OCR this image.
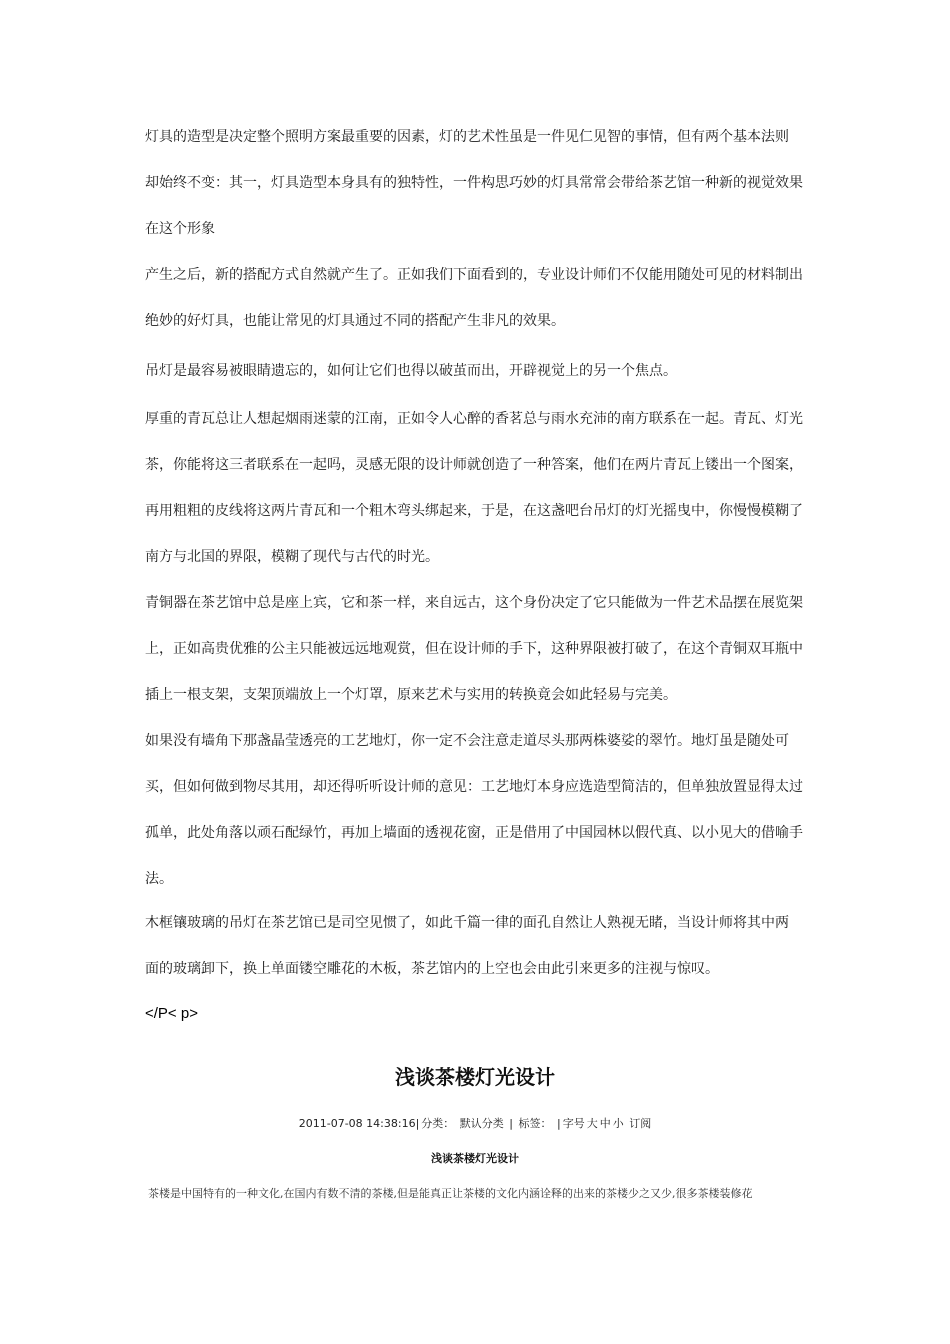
灯具的造型是决定整个照明方案最重要的因素，灯的艺术性虽是一件见仁见智的事情，但有两个基本法则
却始终不变：其一，灯具造型本身具有的独特性，一件构思巧妙的灯具常常会带给茶艺馆一种新的视觉效果
在这个形象
产生之后，新的搭配方式自然就产生了。正如我们下面看到的，专业设计师们不仅能用随处可见的材料制出
绝妙的好灯具，也能让常见的灯具通过不同的搭配产生非凡的效果。
吊灯是最容易被眼睛遗忘的，如何让它们也得以破茧而出，开辟视觉上的另一个焦点。
厚重的青瓦总让人想起烟雨迷蒙的江南，正如令人心醉的香茗总与雨水充沛的南方联系在一起。青瓦、灯光
茶，你能将这三者联系在一起吗，灵感无限的设计师就创造了一种答案，他们在两片青瓦上镂出一个图案，
再用粗粗的皮线将这两片青瓦和一个粗木弯头绑起来，于是，在这盏吧台吊灯的灯光摇曳中，你慢慢模糊了
南方与北国的界限，模糊了现代与古代的时光。
青铜器在茶艺馆中总是座上宾，它和茶一样，来自远古，这个身份决定了它只能做为一件艺术品摆在展览架
上，正如高贵优雅的公主只能被远远地观赏，但在设计师的手下，这种界限被打破了，在这个青铜双耳瓶中
插上一根支架，支架顶端放上一个灯罩，原来艺术与实用的转换竟会如此轻易与完美。
如果没有墙角下那盏晶莹透亮的工艺地灯，你一定不会注意走道尽头那两株婆娑的翠竹。地灯虽是随处可
买，但如何做到物尽其用，却还得听听设计师的意见：工艺地灯本身应选造型简洁的，但单独放置显得太过
孤单，此处角落以顽石配绿竹，再加上墙面的透视花窗，正是借用了中国园林以假代真、以小见大的借喻手
法。
木框镶玻璃的吊灯在茶艺馆已是司空见惯了，如此千篇一律的面孔自然让人熟视无睹，当设计师将其中两
面的玻璃卸下，换上单面镂空雕花的木板，茶艺馆内的上空也会由此引来更多的注视与惊叹。
</P< p>
浅谈茶楼灯光设计
2011-07-08 14:38:16| 分类： 默认分类 | 标签： | 字号 大 中 小 订阅
浅谈茶楼灯光设计
茶楼是中国特有的一种文化,在国内有数不清的茶楼,但是能真正让茶楼的文化内涵诠释的出来的茶楼少之又少,很多茶楼装修花
